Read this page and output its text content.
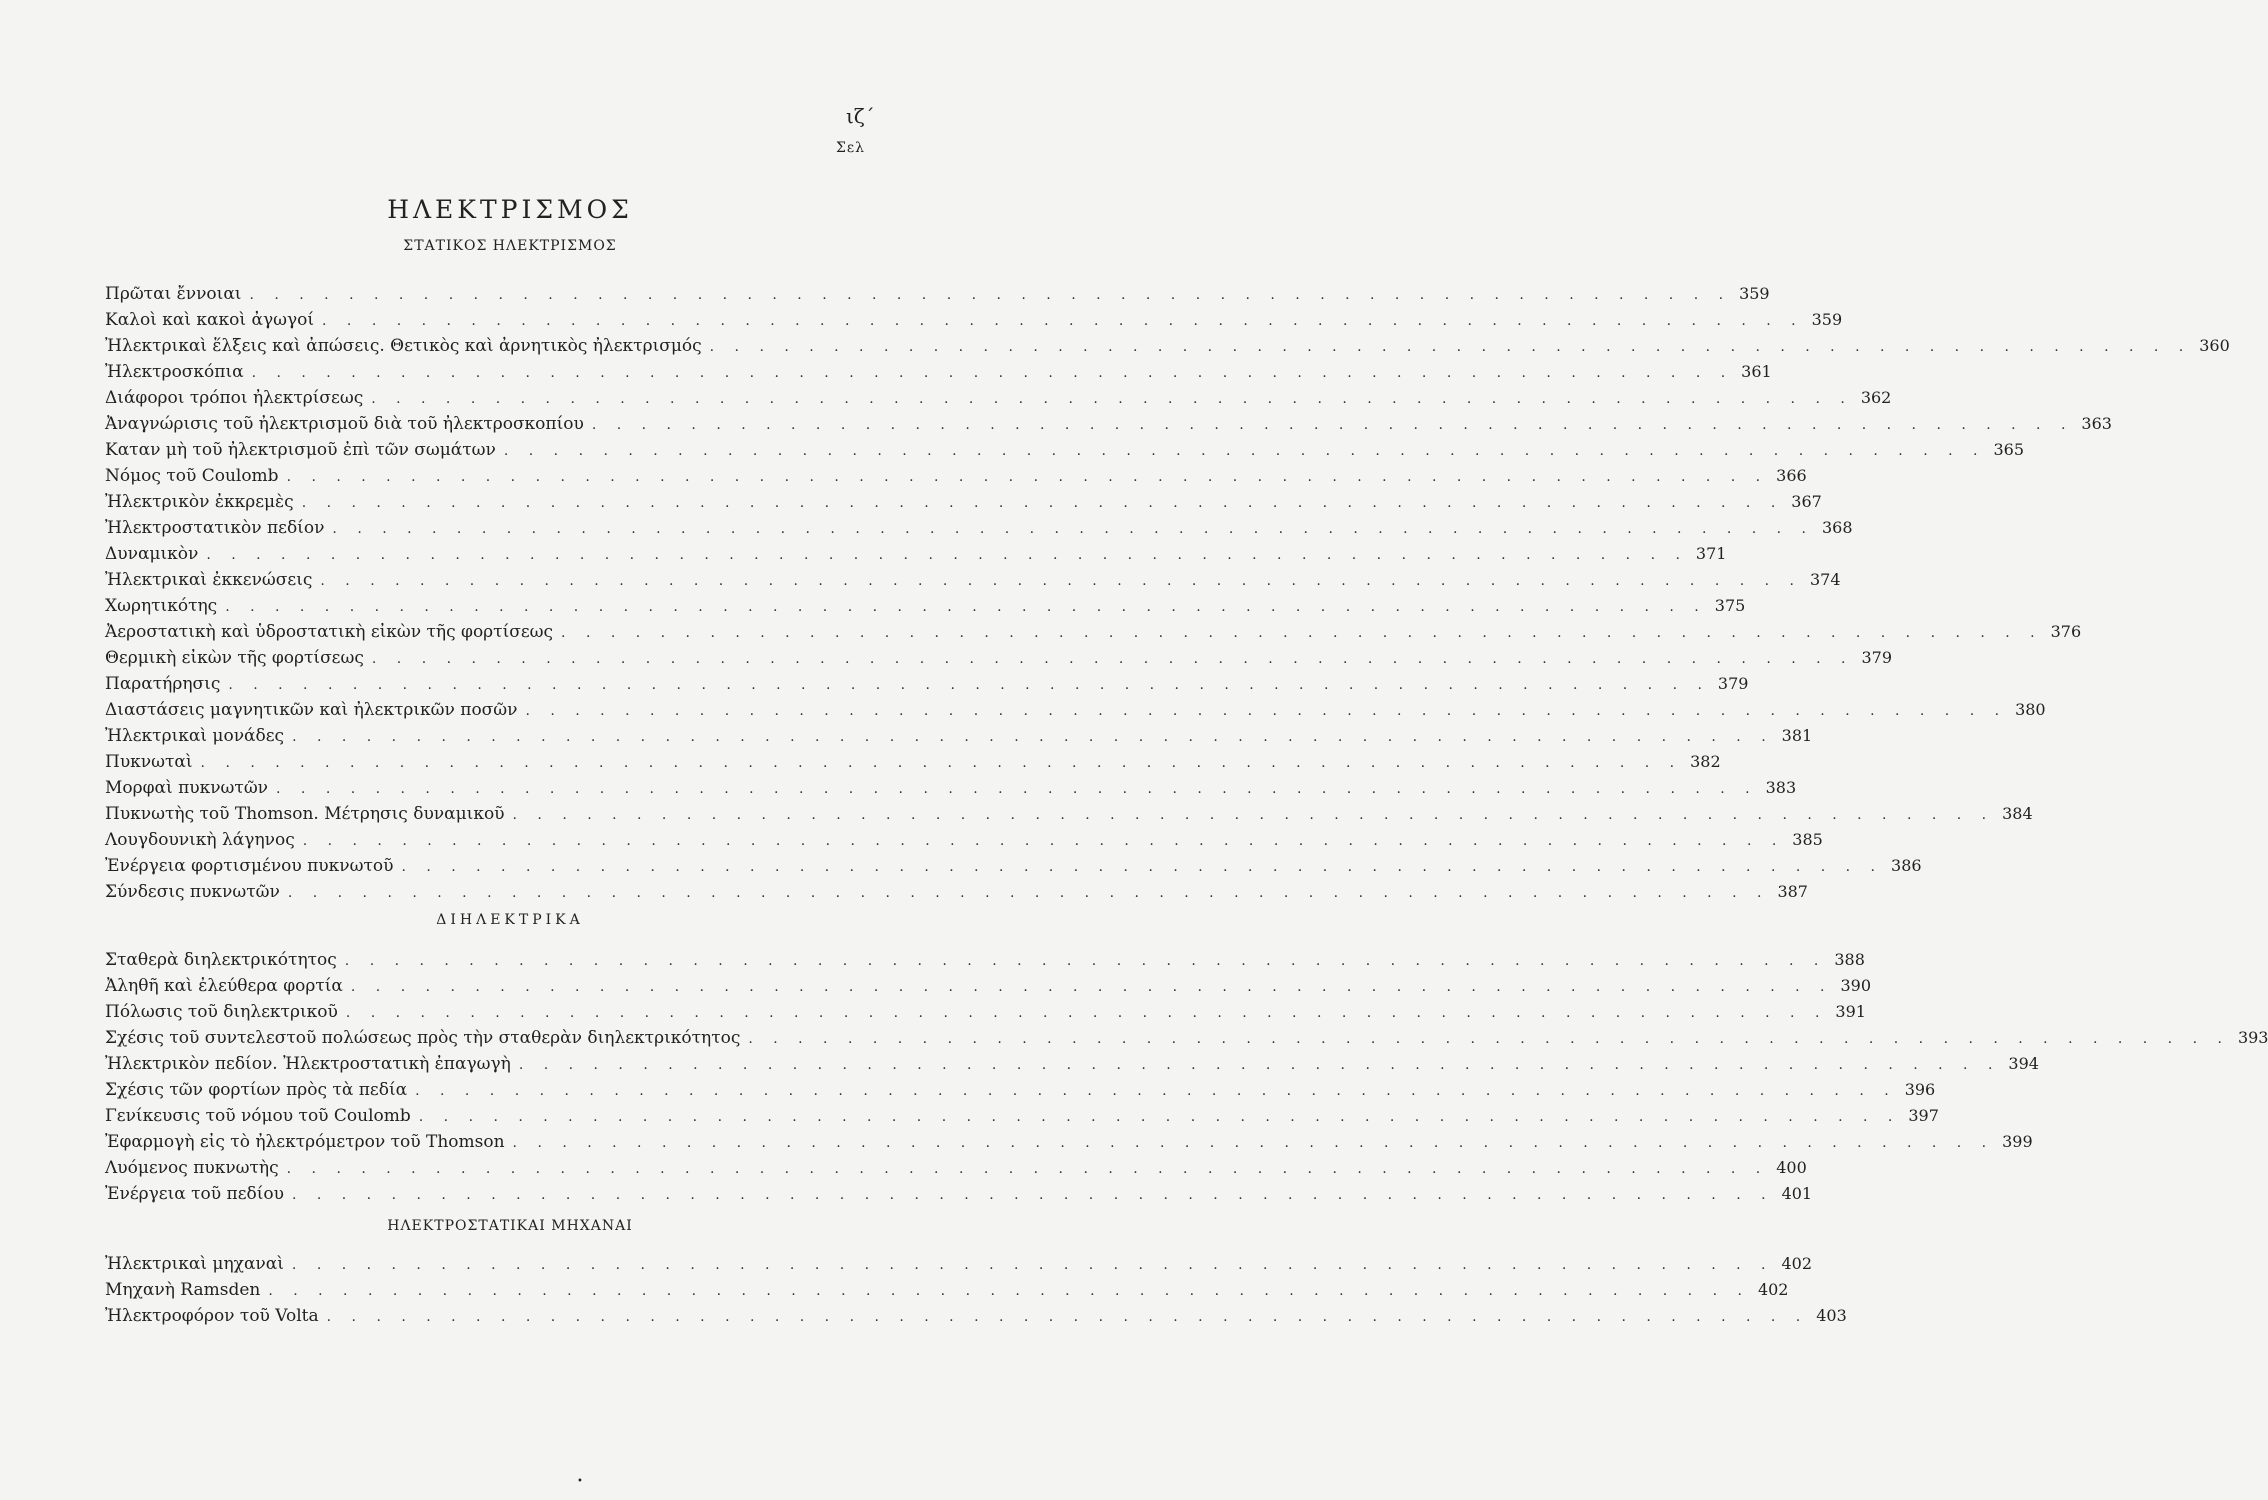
ιζ΄
Σελ
ΗΛΕΚΤΡΙΣΜΟΣ
ΣΤΑΤΙΚΟΣ ΗΛΕΚΤΡΙΣΜΟΣ
Πρῶται ἔννοιαι . . . . . . . . . . . . . . . . . . . . . . . . . . . . . . . . . . . . . . . . . . . . . . . . . . . . . . . . . . . . 359
Καλοὶ καὶ κακοὶ ἀγωγοί . . . . . . . . . . . . . . . . . . . . . . . . . . . . . . . . . . . . . . . . . . . . . . . . . . . . . . . . . . . . 359
Ἠλεκτρικαὶ ἕλξεις καὶ ἀπώσεις. Θετικὸς καὶ ἀρνητικὸς ἠλεκτρισμός . . . . . . . . . . . . . . . . . . . . . . . . . . . . . . . . . . . . . . . . . . . . . . . . . . . . . . . . . . . . 360
Ἠλεκτροσκόπια . . . . . . . . . . . . . . . . . . . . . . . . . . . . . . . . . . . . . . . . . . . . . . . . . . . . . . . . . . . . 361
Διάφοροι τρόποι ἠλεκτρίσεως . . . . . . . . . . . . . . . . . . . . . . . . . . . . . . . . . . . . . . . . . . . . . . . . . . . . . . . . . . . . 362
Ἀναγνώρισις τοῦ ἠλεκτρισμοῦ διὰ τοῦ ἠλεκτροσκοπίου . . . . . . . . . . . . . . . . . . . . . . . . . . . . . . . . . . . . . . . . . . . . . . . . . . . . . . . . . . . . 363
Καταν μὴ τοῦ ἠλεκτρισμοῦ ἐπὶ τῶν σωμάτων . . . . . . . . . . . . . . . . . . . . . . . . . . . . . . . . . . . . . . . . . . . . . . . . . . . . . . . . . . . . 365
Νόμος τοῦ Coulomb . . . . . . . . . . . . . . . . . . . . . . . . . . . . . . . . . . . . . . . . . . . . . . . . . . . . . . . . . . . . 366
Ἠλεκτρικὸν ἐκκρεμὲς . . . . . . . . . . . . . . . . . . . . . . . . . . . . . . . . . . . . . . . . . . . . . . . . . . . . . . . . . . . . 367
Ἠλεκτροστατικὸν πεδίον . . . . . . . . . . . . . . . . . . . . . . . . . . . . . . . . . . . . . . . . . . . . . . . . . . . . . . . . . . . . 368
Δυναμικὸν . . . . . . . . . . . . . . . . . . . . . . . . . . . . . . . . . . . . . . . . . . . . . . . . . . . . . . . . . . . . 371
Ἠλεκτρικαὶ ἐκκενώσεις . . . . . . . . . . . . . . . . . . . . . . . . . . . . . . . . . . . . . . . . . . . . . . . . . . . . . . . . . . . . 374
Χωρητικότης . . . . . . . . . . . . . . . . . . . . . . . . . . . . . . . . . . . . . . . . . . . . . . . . . . . . . . . . . . . . 375
Ἀεροστατικὴ καὶ ὑδροστατικὴ εἰκὼν τῆς φορτίσεως . . . . . . . . . . . . . . . . . . . . . . . . . . . . . . . . . . . . . . . . . . . . . . . . . . . . . . . . . . . . 376
Θερμικὴ εἰκὼν τῆς φορτίσεως . . . . . . . . . . . . . . . . . . . . . . . . . . . . . . . . . . . . . . . . . . . . . . . . . . . . . . . . . . . . 379
Παρατήρησις . . . . . . . . . . . . . . . . . . . . . . . . . . . . . . . . . . . . . . . . . . . . . . . . . . . . . . . . . . . . 379
Διαστάσεις μαγνητικῶν καὶ ἠλεκτρικῶν ποσῶν . . . . . . . . . . . . . . . . . . . . . . . . . . . . . . . . . . . . . . . . . . . . . . . . . . . . . . . . . . . . 380
Ἠλεκτρικαὶ μονάδες . . . . . . . . . . . . . . . . . . . . . . . . . . . . . . . . . . . . . . . . . . . . . . . . . . . . . . . . . . . . 381
Πυκνωταὶ . . . . . . . . . . . . . . . . . . . . . . . . . . . . . . . . . . . . . . . . . . . . . . . . . . . . . . . . . . . . 382
Μορφαὶ πυκνωτῶν . . . . . . . . . . . . . . . . . . . . . . . . . . . . . . . . . . . . . . . . . . . . . . . . . . . . . . . . . . . . 383
Πυκνωτὴς τοῦ Thomson. Μέτρησις δυναμικοῦ . . . . . . . . . . . . . . . . . . . . . . . . . . . . . . . . . . . . . . . . . . . . . . . . . . . . . . . . . . . . 384
Λουγδουνικὴ λάγηνος . . . . . . . . . . . . . . . . . . . . . . . . . . . . . . . . . . . . . . . . . . . . . . . . . . . . . . . . . . . . 385
Ἐνέργεια φορτισμένου πυκνωτοῦ . . . . . . . . . . . . . . . . . . . . . . . . . . . . . . . . . . . . . . . . . . . . . . . . . . . . . . . . . . . . 386
Σύνδεσις πυκνωτῶν . . . . . . . . . . . . . . . . . . . . . . . . . . . . . . . . . . . . . . . . . . . . . . . . . . . . . . . . . . . . 387
ΔΙΗΛΕΚΤΡΙΚΑ
Σταθερὰ διηλεκτρικότητος . . . . . . . . . . . . . . . . . . . . . . . . . . . . . . . . . . . . . . . . . . . . . . . . . . . . . . . . . . . . 388
Ἀληθῆ καὶ ἐλεύθερα φορτία . . . . . . . . . . . . . . . . . . . . . . . . . . . . . . . . . . . . . . . . . . . . . . . . . . . . . . . . . . . . 390
Πόλωσις τοῦ διηλεκτρικοῦ . . . . . . . . . . . . . . . . . . . . . . . . . . . . . . . . . . . . . . . . . . . . . . . . . . . . . . . . . . . . 391
Σχέσις τοῦ συντελεστοῦ πολώσεως πρὸς τὴν σταθερὰν διηλεκτρικότητος . . . . . . . . . . . . . . . . . . . . . . . . . . . . . . . . . . . . . . . . . . . . . . . . . . . . . . . . . . . . 393
Ἠλεκτρικὸν πεδίον. Ἠλεκτροστατικὴ ἐπαγωγὴ . . . . . . . . . . . . . . . . . . . . . . . . . . . . . . . . . . . . . . . . . . . . . . . . . . . . . . . . . . . . 394
Σχέσις τῶν φορτίων πρὸς τὰ πεδία . . . . . . . . . . . . . . . . . . . . . . . . . . . . . . . . . . . . . . . . . . . . . . . . . . . . . . . . . . . . 396
Γενίκευσις τοῦ νόμου τοῦ Coulomb . . . . . . . . . . . . . . . . . . . . . . . . . . . . . . . . . . . . . . . . . . . . . . . . . . . . . . . . . . . . 397
Ἐφαρμογὴ εἰς τὸ ἠλεκτρόμετρον τοῦ Thomson . . . . . . . . . . . . . . . . . . . . . . . . . . . . . . . . . . . . . . . . . . . . . . . . . . . . . . . . . . . . 399
Λυόμενος πυκνωτὴς . . . . . . . . . . . . . . . . . . . . . . . . . . . . . . . . . . . . . . . . . . . . . . . . . . . . . . . . . . . . 400
Ἐνέργεια τοῦ πεδίου . . . . . . . . . . . . . . . . . . . . . . . . . . . . . . . . . . . . . . . . . . . . . . . . . . . . . . . . . . . . 401
ΗΛΕΚΤΡΟΣΤΑΤΙΚΑΙ ΜΗΧΑΝΑΙ
Ἠλεκτρικαὶ μηχαναὶ . . . . . . . . . . . . . . . . . . . . . . . . . . . . . . . . . . . . . . . . . . . . . . . . . . . . . . . . . . . . 402
Μηχανὴ Ramsden . . . . . . . . . . . . . . . . . . . . . . . . . . . . . . . . . . . . . . . . . . . . . . . . . . . . . . . . . . . . 402
Ἠλεκτροφόρον τοῦ Volta . . . . . . . . . . . . . . . . . . . . . . . . . . . . . . . . . . . . . . . . . . . . . . . . . . . . . . . . . . . . 403
•
